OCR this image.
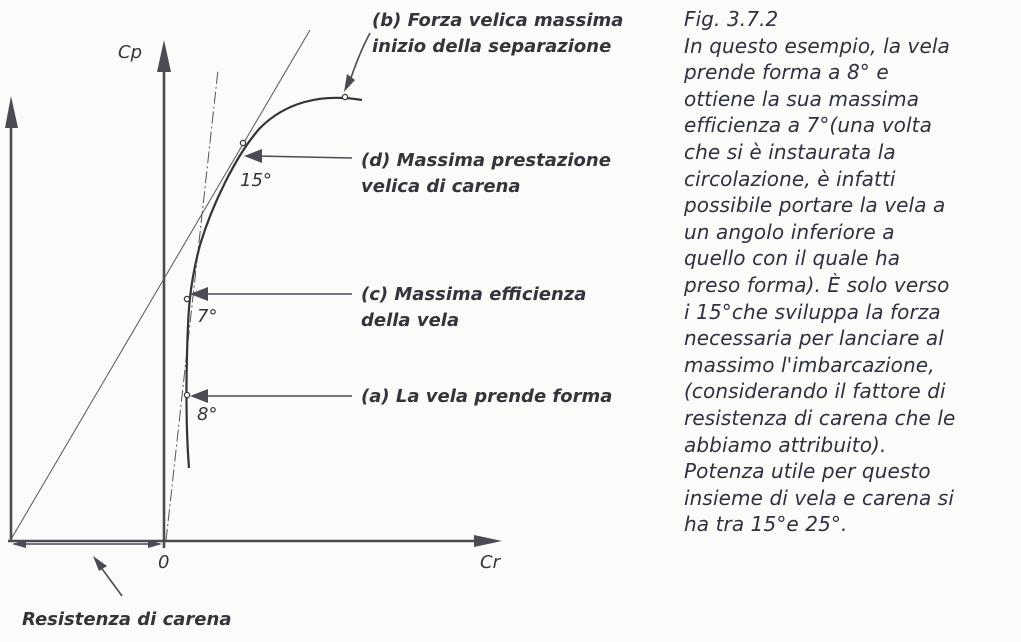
Cp
Cr
0
Resistenza di carena
15°
7°
8°
(b) Forza velica massima
inizio della separazione
(d) Massima prestazione
velica di carena
(c) Massima efficienza
della vela
(a) La vela prende forma
Fig. 3.7.2
In questo esempio, la vela
prende forma a 8° e
ottiene la sua massima
efficienza a 7°(una volta
che si è instaurata la
circolazione, è infatti
possibile portare la vela a
un angolo inferiore a
quello con il quale ha
preso forma). È solo verso
i 15°che sviluppa la forza
necessaria per lanciare al
massimo l'imbarcazione,
(considerando il fattore di
resistenza di carena che le
abbiamo attribuito).
Potenza utile per questo
insieme di vela e carena si
ha tra 15°e 25°.
